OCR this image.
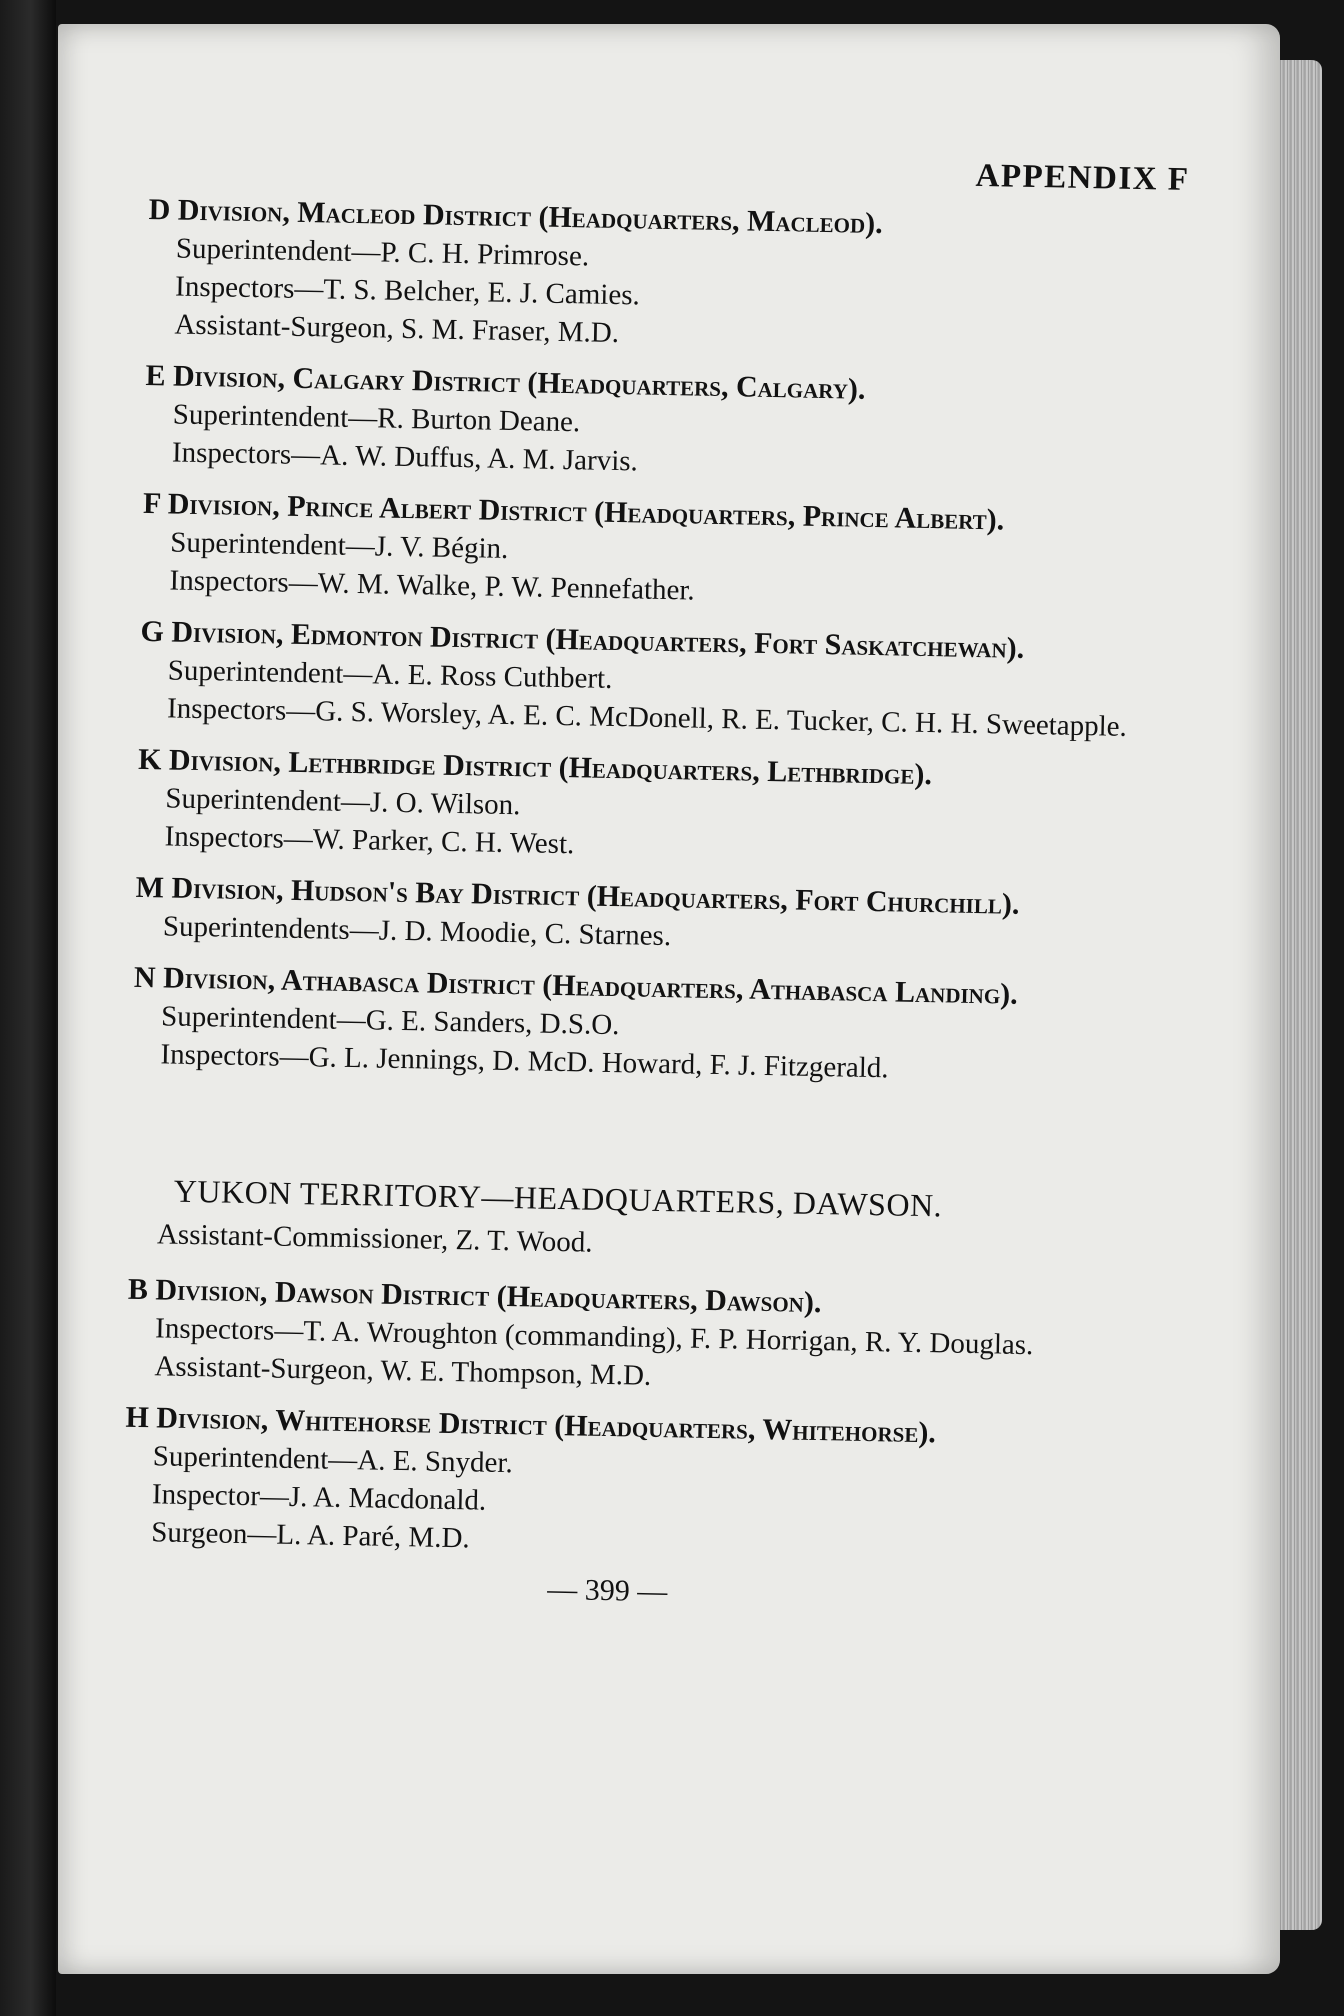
APPENDIX F

D Division, Macleod District (Headquarters, Macleod).

Superintendent—P. C. H. Primrose.

Inspectors—T. S. Belcher, E. J. Camies.

Assistant-Surgeon, S. M. Fraser, M.D.

E Division, Calgary District (Headquarters, Calgary).

Superintendent—R. Burton Deane.

Inspectors—A. W. Duffus, A. M. Jarvis.

F Division, Prince Albert District (Headquarters, Prince Albert).

Superintendent—J. V. Bégin.

Inspectors—W. M. Walke, P. W. Pennefather.

G Division, Edmonton District (Headquarters, Fort Saskatchewan).

Superintendent—A. E. Ross Cuthbert.

Inspectors—G. S. Worsley, A. E. C. McDonell, R. E. Tucker, C. H. H. Sweetapple.

K Division, Lethbridge District (Headquarters, Lethbridge).

Superintendent—J. O. Wilson.

Inspectors—W. Parker, C. H. West.

M Division, Hudson's Bay District (Headquarters, Fort Churchill).

Superintendents—J. D. Moodie, C. Starnes.

N Division, Athabasca District (Headquarters, Athabasca Landing).

Superintendent—G. E. Sanders, D.S.O.

Inspectors—G. L. Jennings, D. McD. Howard, F. J. Fitzgerald.

YUKON TERRITORY—HEADQUARTERS, DAWSON.
Assistant-Commissioner, Z. T. Wood.

B Division, Dawson District (Headquarters, Dawson).

Inspectors—T. A. Wroughton (commanding), F. P. Horrigan, R. Y. Douglas.

Assistant-Surgeon, W. E. Thompson, M.D.

H Division, Whitehorse District (Headquarters, Whitehorse).

Superintendent—A. E. Snyder.

Inspector—J. A. Macdonald.

Surgeon—L. A. Paré, M.D.

— 399 —
